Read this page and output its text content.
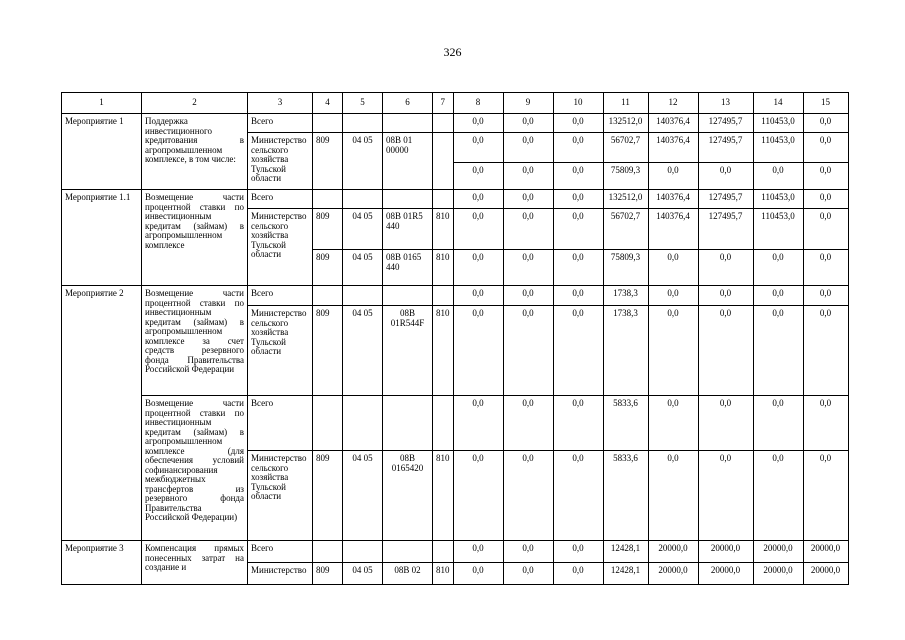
326
1	2	3	4	5	6	7	8	9	10	11	12	13	14	15
Мероприятие 1	Поддержка инвестиционного кредитования в агропромышленном комплексе, в том числе:	Всего					0,0	0,0	0,0	132512,0	140376,4	127495,7	110453,0	0,0
		Министерство сельского хозяйства Тульской области	809	04 05	08В 01 00000		0,0	0,0	0,0	56702,7	140376,4	127495,7	110453,0	0,0
							0,0	0,0	0,0	75809,3	0,0	0,0	0,0	0,0
Мероприятие 1.1	Возмещение части процентной ставки по инвестиционным кредитам (займам) в агропромышленном комплексе	Всего					0,0	0,0	0,0	132512,0	140376,4	127495,7	110453,0	0,0
		Министерство сельского хозяйства Тульской области	809	04 05	08В 01R5 440	810	0,0	0,0	0,0	56702,7	140376,4	127495,7	110453,0	0,0
			809	04 05	08В 0165 440	810	0,0	0,0	0,0	75809,3	0,0	0,0	0,0	0,0
Мероприятие 2	Возмещение части процентной ставки по инвестиционным кредитам (займам) в агропромышленном комплексе за счет средств резервного фонда Правительства Российской Федерации	Всего					0,0	0,0	0,0	1738,3	0,0	0,0	0,0	0,0
		Министерство сельского хозяйства Тульской области	809	04 05	08В 01R544F	810	0,0	0,0	0,0	1738,3	0,0	0,0	0,0	0,0
	Возмещение части процентной ставки по инвестиционным кредитам (займам) в агропромышленном комплексе (для обеспечения условий софинансирования межбюджетных трансфертов из резервного фонда Правительства Российской Федерации)	Всего					0,0	0,0	0,0	5833,6	0,0	0,0	0,0	0,0
		Министерство сельского хозяйства Тульской области	809	04 05	08В 0165420	810	0,0	0,0	0,0	5833,6	0,0	0,0	0,0	0,0
Мероприятие 3	Компенсация прямых понесенных затрат на создание и	Всего					0,0	0,0	0,0	12428,1	20000,0	20000,0	20000,0	20000,0
		Министерство	809	04 05	08В 02	810	0,0	0,0	0,0	12428,1	20000,0	20000,0	20000,0	20000,0
